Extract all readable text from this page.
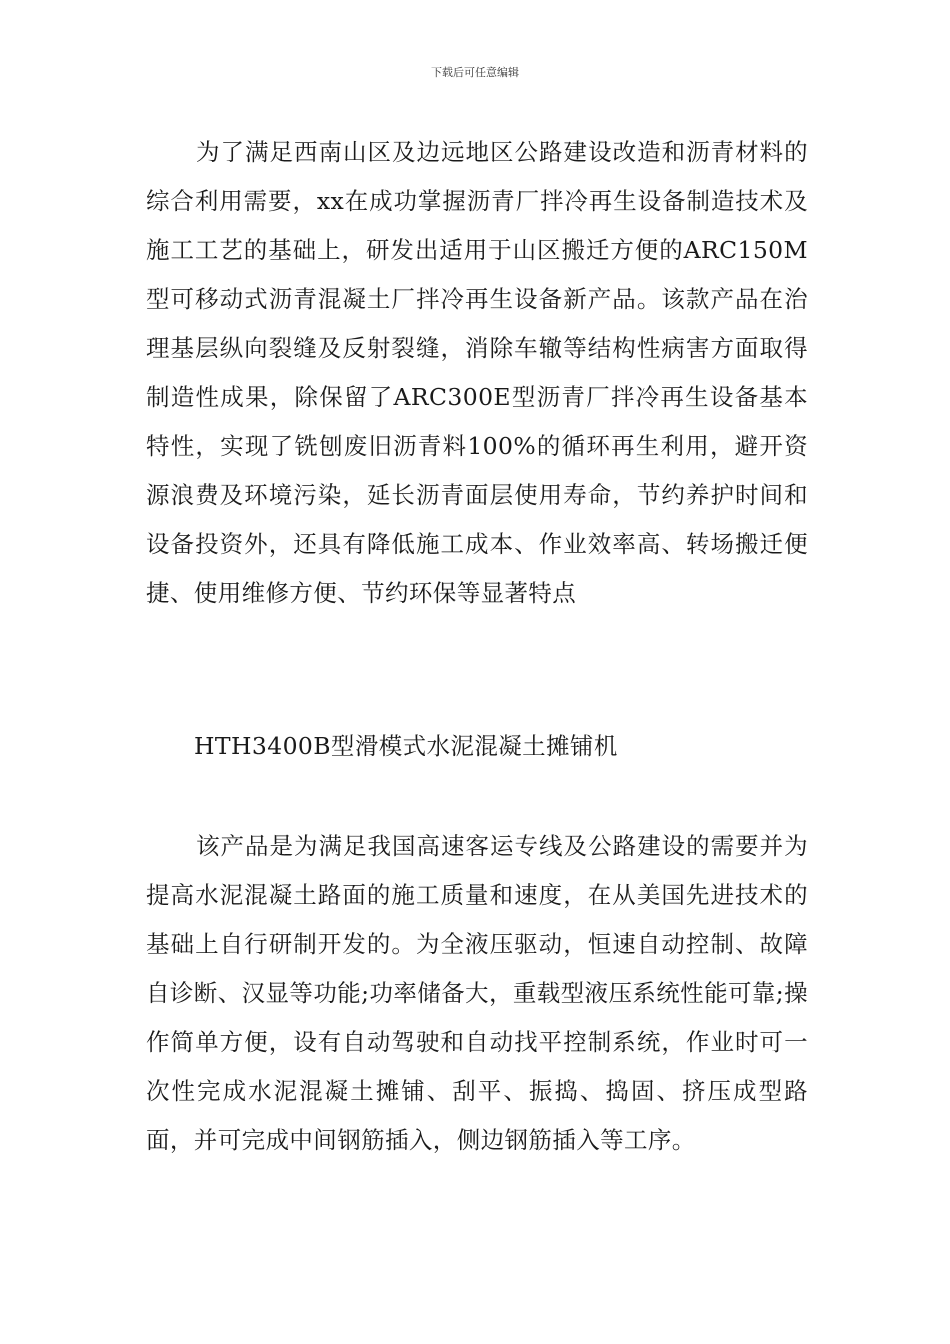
下载后可任意编辑

为了满足西南山区及边远地区公路建设改造和沥青材料的综合利用需要，xx在成功掌握沥青厂拌冷再生设备制造技术及施工工艺的基础上，研发出适用于山区搬迁方便的ARC150M型可移动式沥青混凝土厂拌冷再生设备新产品。该款产品在治理基层纵向裂缝及反射裂缝，消除车辙等结构性病害方面取得制造性成果，除保留了ARC300E型沥青厂拌冷再生设备基本特性，实现了铣刨废旧沥青料100%的循环再生利用，避开资源浪费及环境污染，延长沥青面层使用寿命，节约养护时间和设备投资外，还具有降低施工成本、作业效率高、转场搬迁便捷、使用维修方便、节约环保等显著特点

HTH3400B型滑模式水泥混凝土摊铺机

该产品是为满足我国高速客运专线及公路建设的需要并为提高水泥混凝土路面的施工质量和速度，在从美国先进技术的基础上自行研制开发的。为全液压驱动，恒速自动控制、故障自诊断、汉显等功能;功率储备大，重载型液压系统性能可靠;操作简单方便，设有自动驾驶和自动找平控制系统，作业时可一次性完成水泥混凝土摊铺、刮平、振捣、捣固、挤压成型路面，并可完成中间钢筋插入，侧边钢筋插入等工序。
